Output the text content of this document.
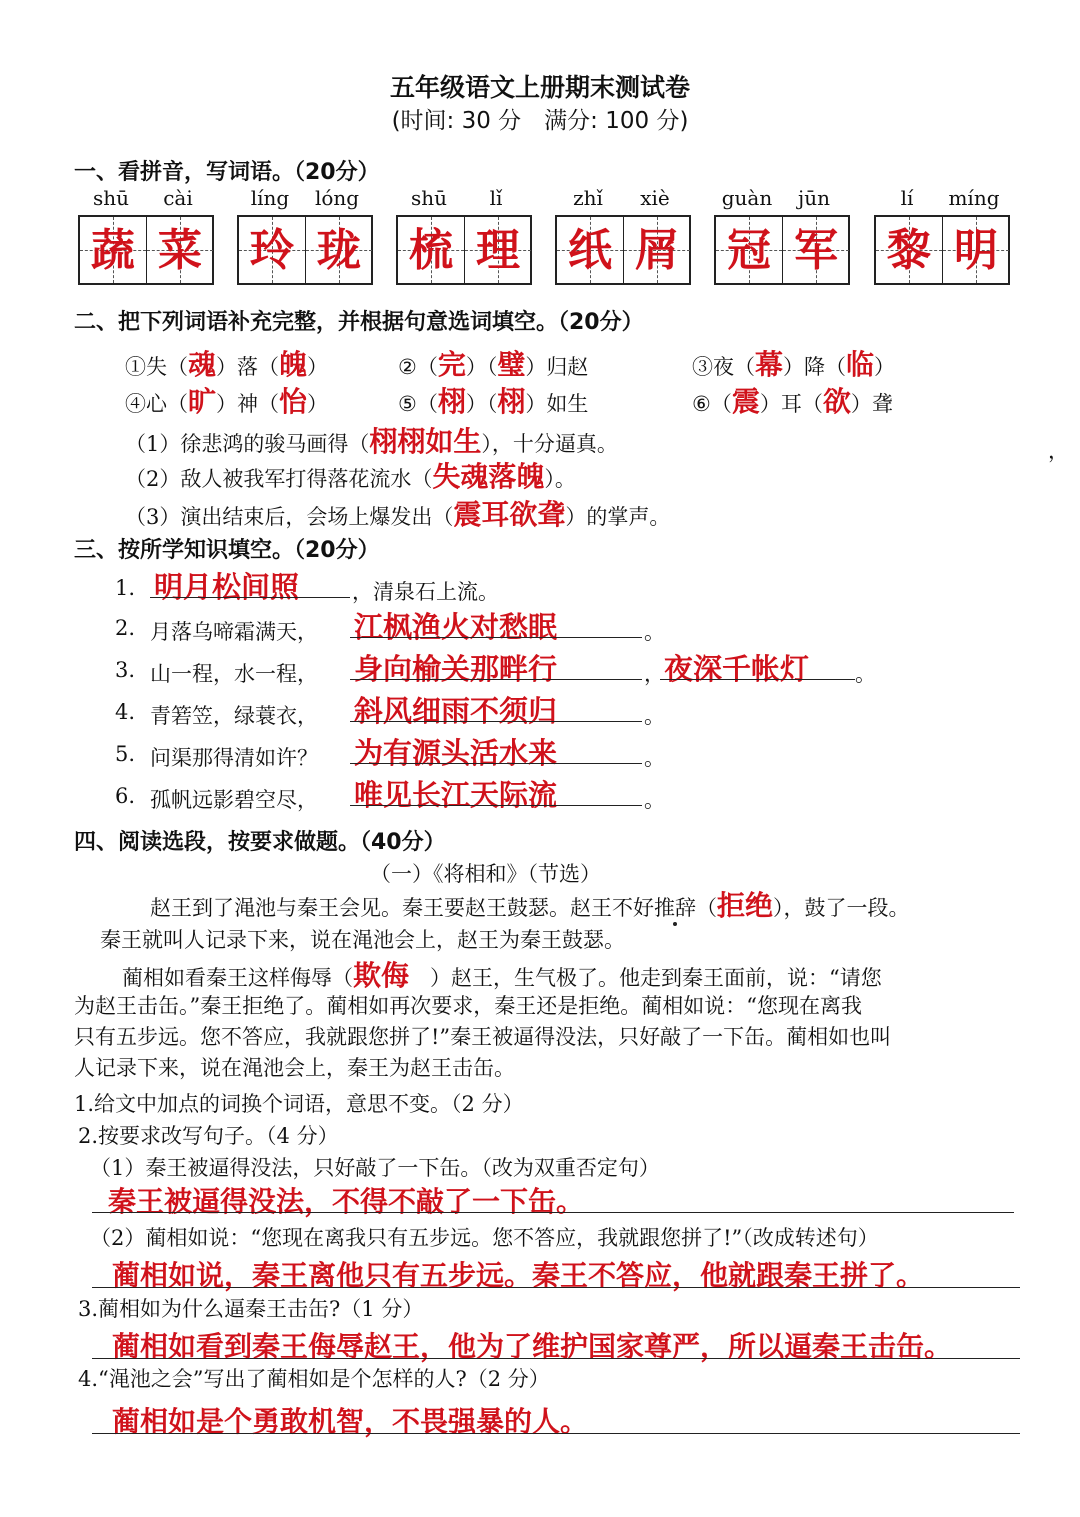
五年级语文上册期末测试卷
(时间: 30 分　满分: 100 分)
一、看拼音，写词语。（20分）
shū	cài
蔬 菜
líng	lóng
玲 珑
shū	lǐ
梳 理
zhǐ	xiè
纸 屑
guàn	jūn
冠 军
lí	míng
黎 明
二、把下列词语补充完整，并根据句意选词填空。（20分）
①失（魂）落（魄）	②（完）（璧）归赵	③夜（幕）降（临）
④心（旷）神（怡）	⑤（栩）（栩）如生	⑥（震）耳（欲）聋
（1）徐悲鸿的骏马画得（栩栩如生），十分逼真。
（2）敌人被我军打得落花流水（失魂落魄）。
（3）演出结束后，会场上爆发出（震耳欲聋）的掌声。
，
三、按所学知识填空。（20分）
1. 明月松间照	，清泉石上流。
2. 月落乌啼霜满天， 江枫渔火对愁眠	。
3. 山一程，水一程， 身向榆关那畔行	， 夜深千帐灯 。
4. 青箬笠，绿蓑衣， 斜风细雨不须归	。
5. 问渠那得清如许？ 为有源头活水来	。
6. 孤帆远影碧空尽， 唯见长江天际流	。
四、阅读选段，按要求做题。（40分）
（一）《将相和》（节选）
赵王到了渑池与秦王会见。秦王要赵王鼓瑟。赵王不好推辞（拒绝），鼓了一段。
秦王就叫人记录下来，说在渑池会上，赵王为秦王鼓瑟。
蔺相如看秦王这样侮辱（欺侮　 ）赵王，生气极了。他走到秦王面前，说：“请您
为赵王击缶。”秦王拒绝了。蔺相如再次要求，秦王还是拒绝。蔺相如说：“您现在离我
只有五步远。您不答应，我就跟您拼了!”秦王被逼得没法，只好敲了一下缶。蔺相如也叫
人记录下来，说在渑池会上，秦王为赵王击缶。
1.给文中加点的词换个词语，意思不变。（2 分）
2.按要求改写句子。（4 分）
（1）秦王被逼得没法，只好敲了一下缶。（改为双重否定句）
秦王被逼得没法，不得不敲了一下缶。
（2）蔺相如说：“您现在离我只有五步远。您不答应，我就跟您拼了!”（改成转述句）
蔺相如说，秦王离他只有五步远。秦王不答应，他就跟秦王拼了。
3.蔺相如为什么逼秦王击缶?（1 分）
蔺相如看到秦王侮辱赵王，他为了维护国家尊严，所以逼秦王击缶。
4.“渑池之会”写出了蔺相如是个怎样的人?（2 分）
蔺相如是个勇敢机智，不畏强暴的人。
